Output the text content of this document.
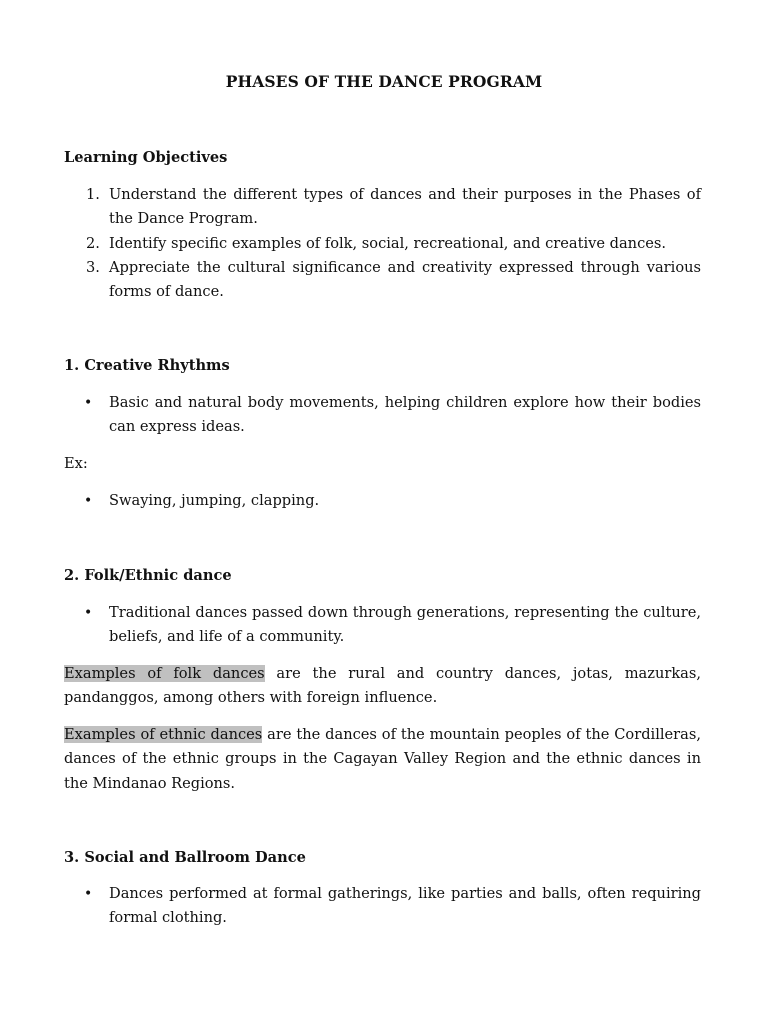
PHASES OF THE DANCE PROGRAM
Learning Objectives
1. Understand the different types of dances and their purposes in the Phases of the Dance Program.
2. Identify specific examples of folk, social, recreational, and creative dances.
3. Appreciate the cultural significance and creativity expressed through various forms of dance.
1. Creative Rhythms
• Basic and natural body movements, helping children explore how their bodies can express ideas.
Ex:
• Swaying, jumping, clapping.
2. Folk/Ethnic dance
• Traditional dances passed down through generations, representing the culture, beliefs, and life of a community.

Examples of folk dances are the rural and country dances, jotas, mazurkas, pandanggos, among others with foreign influence.

Examples of ethnic dances are the dances of the mountain peoples of the Cordilleras, dances of the ethnic groups in the Cagayan Valley Region and the ethnic dances in the Mindanao Regions.

3. Social and Ballroom Dance
• Dances performed at formal gatherings, like parties and balls, often requiring formal clothing.
